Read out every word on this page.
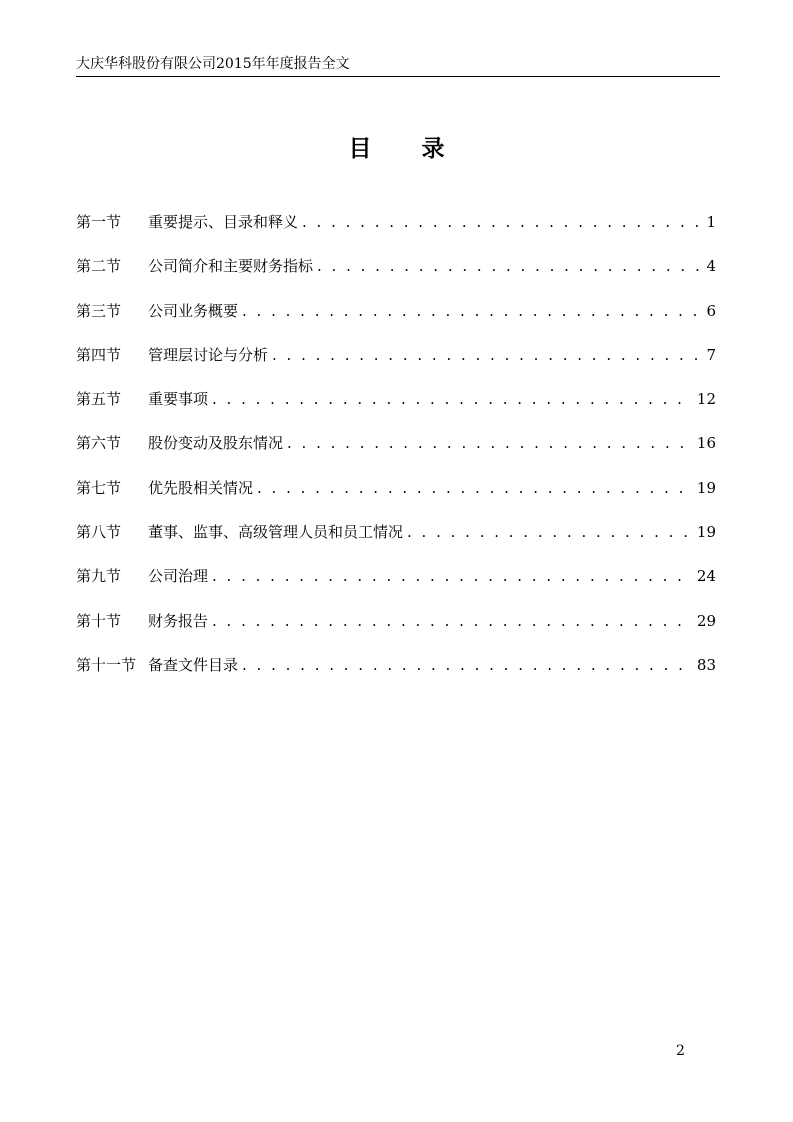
大庆华科股份有限公司2015年年度报告全文
目录
第一节	重要提示、目录和释义 . . .	1
第二节	公司简介和主要财务指标 . . .	4
第三节	公司业务概要 . . .	6
第四节	管理层讨论与分析 . . .	7
第五节	重要事项 . . .	12
第六节	股份变动及股东情况 . . .	16
第七节	优先股相关情况 . . .	19
第八节	董事、监事、高级管理人员和员工情况 . . .	19
第九节	公司治理 . . .	24
第十节	财务报告 . . .	29
第十一节 备查文件目录 . . .	83
2
